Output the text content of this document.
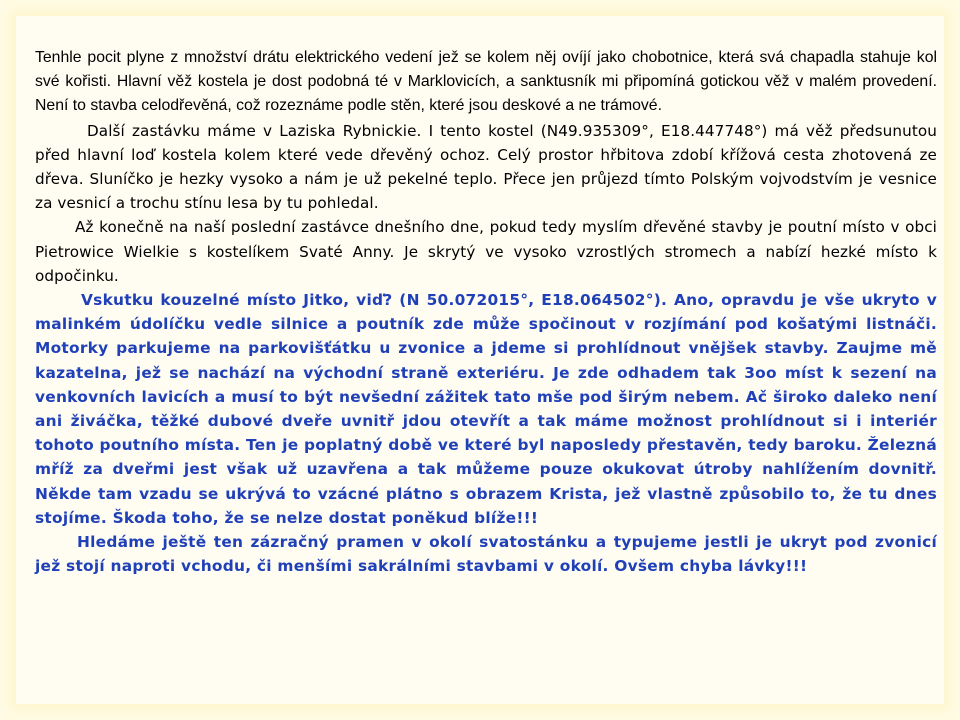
Tenhle pocit plyne z množství drátu elektrického vedení jež se kolem něj ovíjí jako chobotnice, která svá chapadla stahuje kol své kořisti. Hlavní věž kostela je dost podobná té v Marklovicích, a sanktusník mi připomíná gotickou věž v malém provedení. Není to stavba celodřevěná, což rozeznáme podle stěn, které jsou deskové a ne trámové.

Další zastávku máme v Laziska Rybnickie. I tento kostel (N49.935309°, E18.447748°) má věž předsunutou před hlavní loď kostela kolem které vede dřevěný ochoz. Celý prostor hřbitova zdobí křížová cesta zhotovená ze dřeva. Sluníčko je hezky vysoko a nám je už pekelné teplo. Přece jen průjezd tímto Polským vojvodstvím je vesnice za vesnicí a trochu stínu lesa by tu pohledal.

Až konečně na naší poslední zastávce dnešního dne, pokud tedy myslím dřevěné stavby je poutní místo v obci Pietrowice Wielkie s kostelíkem Svaté Anny. Je skrytý ve vysoko vzrostlých stromech a nabízí hezké místo k odpočinku.

Vskutku kouzelné místo Jitko, viď? (N 50.072015°, E18.064502°). Ano, opravdu je vše ukryto v malinkém údolíčku vedle silnice a poutník zde může spočinout v rozjímání pod košatými listnáči. Motorky parkujeme na parkovišťátku u zvonice a jdeme si prohlídnout vnějšek stavby. Zaujme mě kazatelna, jež se nachází na východní straně exteriéru. Je zde odhadem tak 3oo míst k sezení na venkovních lavicích a musí to být nevšední zážitek tato mše pod širým nebem. Ač široko daleko není ani živáčka, těžké dubové dveře uvnitř jdou otevřít a tak máme možnost prohlídnout si i interiér tohoto poutního místa. Ten je poplatný době ve které byl naposledy přestavěn, tedy baroku. Železná mříž za dveřmi jest však už uzavřena a tak můžeme pouze okukovat útroby nahlížením dovnitř. Někde tam vzadu se ukrývá to vzácné plátno s obrazem Krista, jež vlastně způsobilo to, že tu dnes stojíme. Škoda toho, že se nelze dostat poněkud blíže!!!

Hledáme ještě ten zázračný pramen v okolí svatostánku a typujeme jestli je ukryt pod zvonicí jež stojí naproti vchodu, či menšími sakrálními stavbami v okolí. Ovšem chyba lávky!!!
